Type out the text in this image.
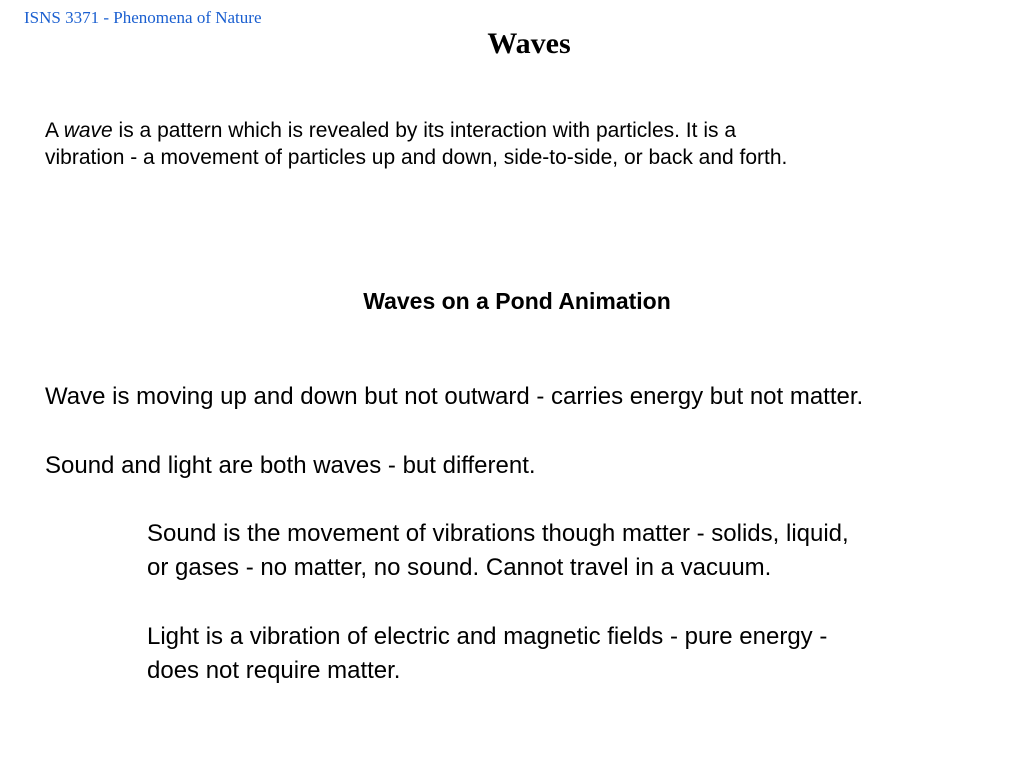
ISNS 3371 - Phenomena of Nature
Waves
A wave is a pattern which is revealed by its interaction with particles. It is a
vibration - a movement of particles up and down, side-to-side, or back and forth.
Waves on a Pond Animation
Wave is moving up and down but not outward - carries energy but not matter.
Sound and light are both waves - but different.
Sound is the movement of vibrations though matter - solids, liquid,
or gases - no matter, no sound. Cannot travel in a vacuum.
Light is a vibration of electric and magnetic fields - pure energy -
does not require matter.
